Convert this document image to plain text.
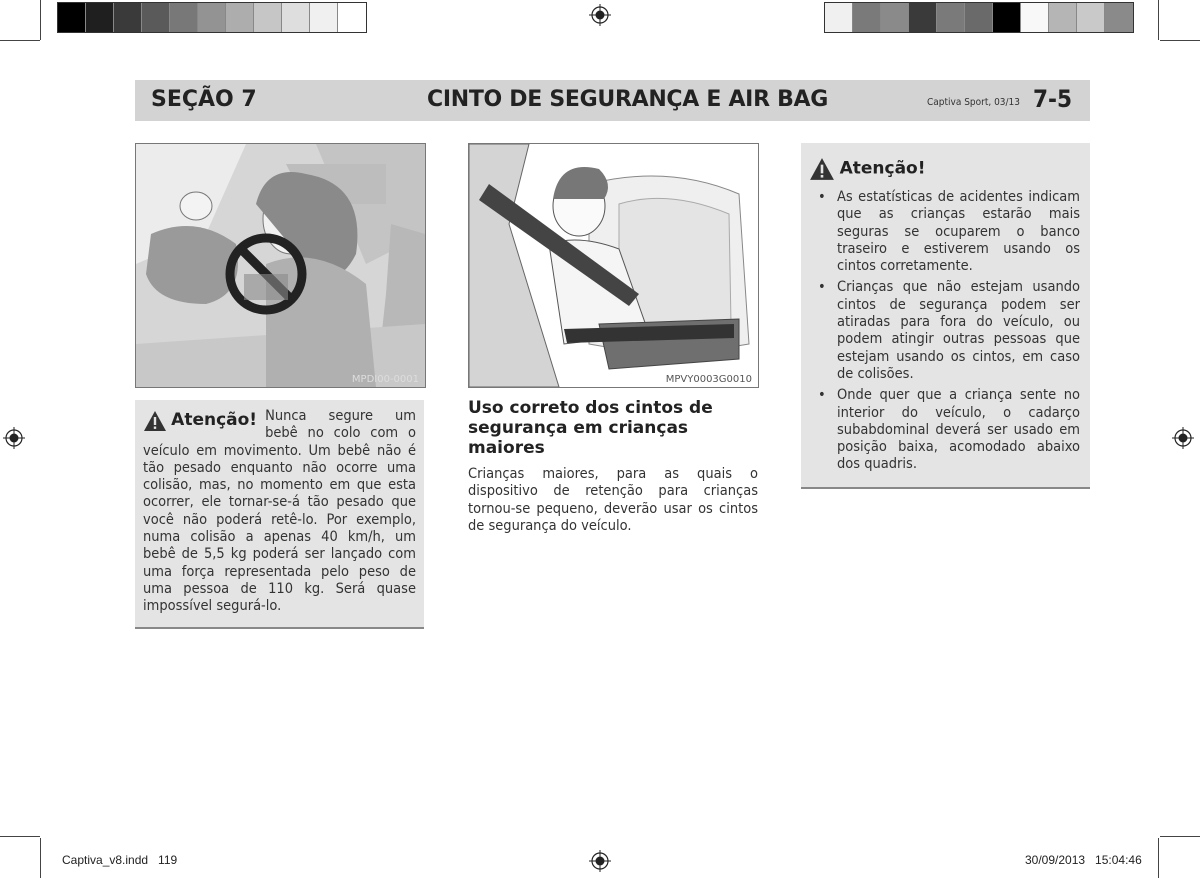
SEÇÃO 7	CINTO DE SEGURANÇA E AIR BAG	Captiva Sport, 03/13 7-5
MPDI00-0001	MPVY0003G0010
Atenção! Nunca segure um bebê no colo com o veículo em movimento. Um bebê não é tão pesado enquanto não ocorre uma colisão, mas, no momento em que esta ocorrer, ele tornar-se-á tão pesado que você não poderá retê-lo. Por exemplo, numa colisão a apenas 40 km/h, um bebê de 5,5 kg poderá ser lançado com uma força representada pelo peso de uma pessoa de 110 kg. Será quase impossível segurá-lo.
Uso correto dos cintos de segurança em crianças maiores
Crianças maiores, para as quais o dispositivo de retenção para crianças tornou-se pequeno, deverão usar os cintos de segurança do veículo.
Atenção!
• As estatísticas de acidentes indicam que as crianças estarão mais seguras se ocuparem o banco traseiro e estiverem usando os cintos corretamente.
• Crianças que não estejam usando cintos de segurança podem ser atiradas para fora do veículo, ou podem atingir outras pessoas que estejam usando os cintos, em caso de colisões.
• Onde quer que a criança sente no interior do veículo, o cadarço subabdominal deverá ser usado em posição baixa, acomodado abaixo dos quadris.
Captiva_v8.indd   119	30/09/2013   15:04:46
